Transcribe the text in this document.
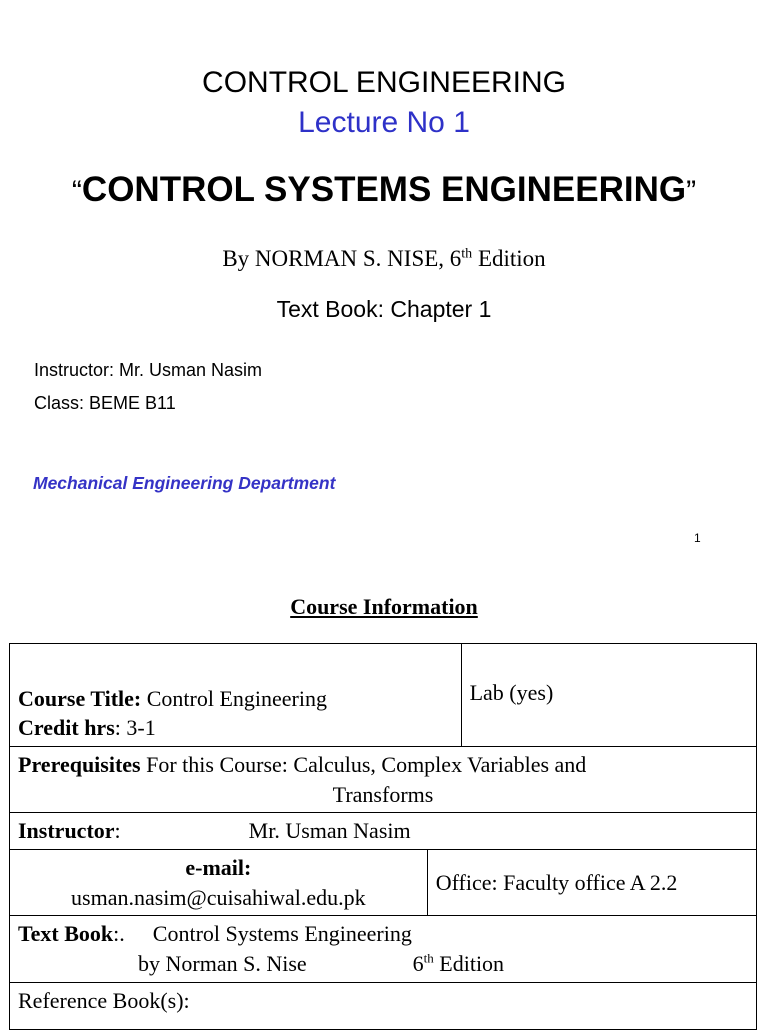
CONTROL ENGINEERING
Lecture No 1
“CONTROL SYSTEMS ENGINEERING”
By NORMAN S. NISE, 6th Edition
Text Book: Chapter 1
Instructor: Mr. Usman Nasim
Class: BEME B11
Mechanical Engineering Department
1
Course Information
Course Title: Control Engineering
Credit hrs: 3-1		Lab (yes)
Prerequisites For this Course: Calculus, Complex Variables and
Transforms		

Instructor: Mr. Usman Nasim		

e-mail:
usman.nasim@cuisahiwal.edu.pk	Office: Faculty office A 2.2	
Text Book:. Control Systems Engineering
by Norman S. Nise 6th Edition		
Reference Book(s):		
